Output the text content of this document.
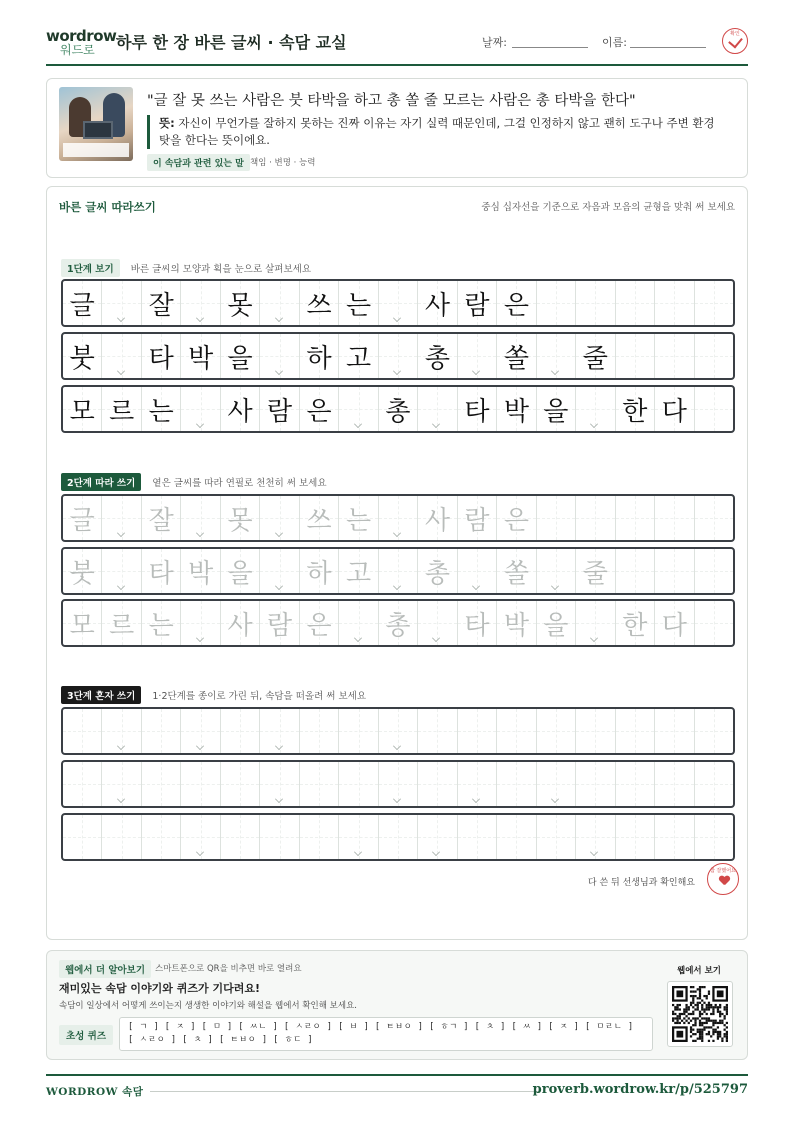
wordrow
워드로	하루 한 장 바른 글씨 · 속담 교실	날짜:	이름:
확인
"글 잘 못 쓰는 사람은 붓 타박을 하고 총 쏠 줄 모르는 사람은 총 타박을 한다"
뜻: 자신이 무언가를 잘하지 못하는 진짜 이유는 자기 실력 때문인데, 그걸 인정하지 않고 괜히 도구나 주변 환경 탓을 한다는 뜻이에요.
이 속담과 관련 있는 말 책임 · 변명 · 능력
바른 글씨 따라쓰기	중심 십자선을 기준으로 자음과 모음의 균형을 맞춰 써 보세요
1단계 보기 바른 글씨의 모양과 획을 눈으로 살펴보세요
글 잘 못 쓰 는 사 람 은
붓 타 박 을 하 고 총 쏠 줄
모 르 는 사 람 은 총 타 박 을 한 다
2단계 따라 쓰기 옅은 글씨를 따라 연필로 천천히 써 보세요
글 잘 못 쓰 는 사 람 은
붓 타 박 을 하 고 총 쏠 줄
모 르 는 사 람 은 총 타 박 을 한 다
3단계 혼자 쓰기 1·2단계를 종이로 가린 뒤, 속담을 떠올려 써 보세요
다 쓴 뒤 선생님과 확인해요
참 잘했어요
웹에서 더 알아보기	스마트폰으로 QR을 비추면 바로 열려요
재미있는 속담 이야기와 퀴즈가 기다려요!
속담이 일상에서 어떻게 쓰이는지 생생한 이야기와 해설을 웹에서 확인해 보세요.
초성 퀴즈
[ ㄱ ] [ ㅈ ] [ ㅁ ] [ ㅆㄴ ] [ ㅅㄹㅇ ] [ ㅂ ] [ ㅌㅂㅇ ] [ ㅎㄱ ] [ ㅊ ] [ ㅆ ] [ ㅈ ] [ ㅁㄹㄴ ] [ ㅅㄹㅇ ] [ ㅊ ] [ ㅌㅂㅇ ] [ ㅎㄷ ]
웹에서 보기
WORDROW 속담	proverb.wordrow.kr/p/525797
